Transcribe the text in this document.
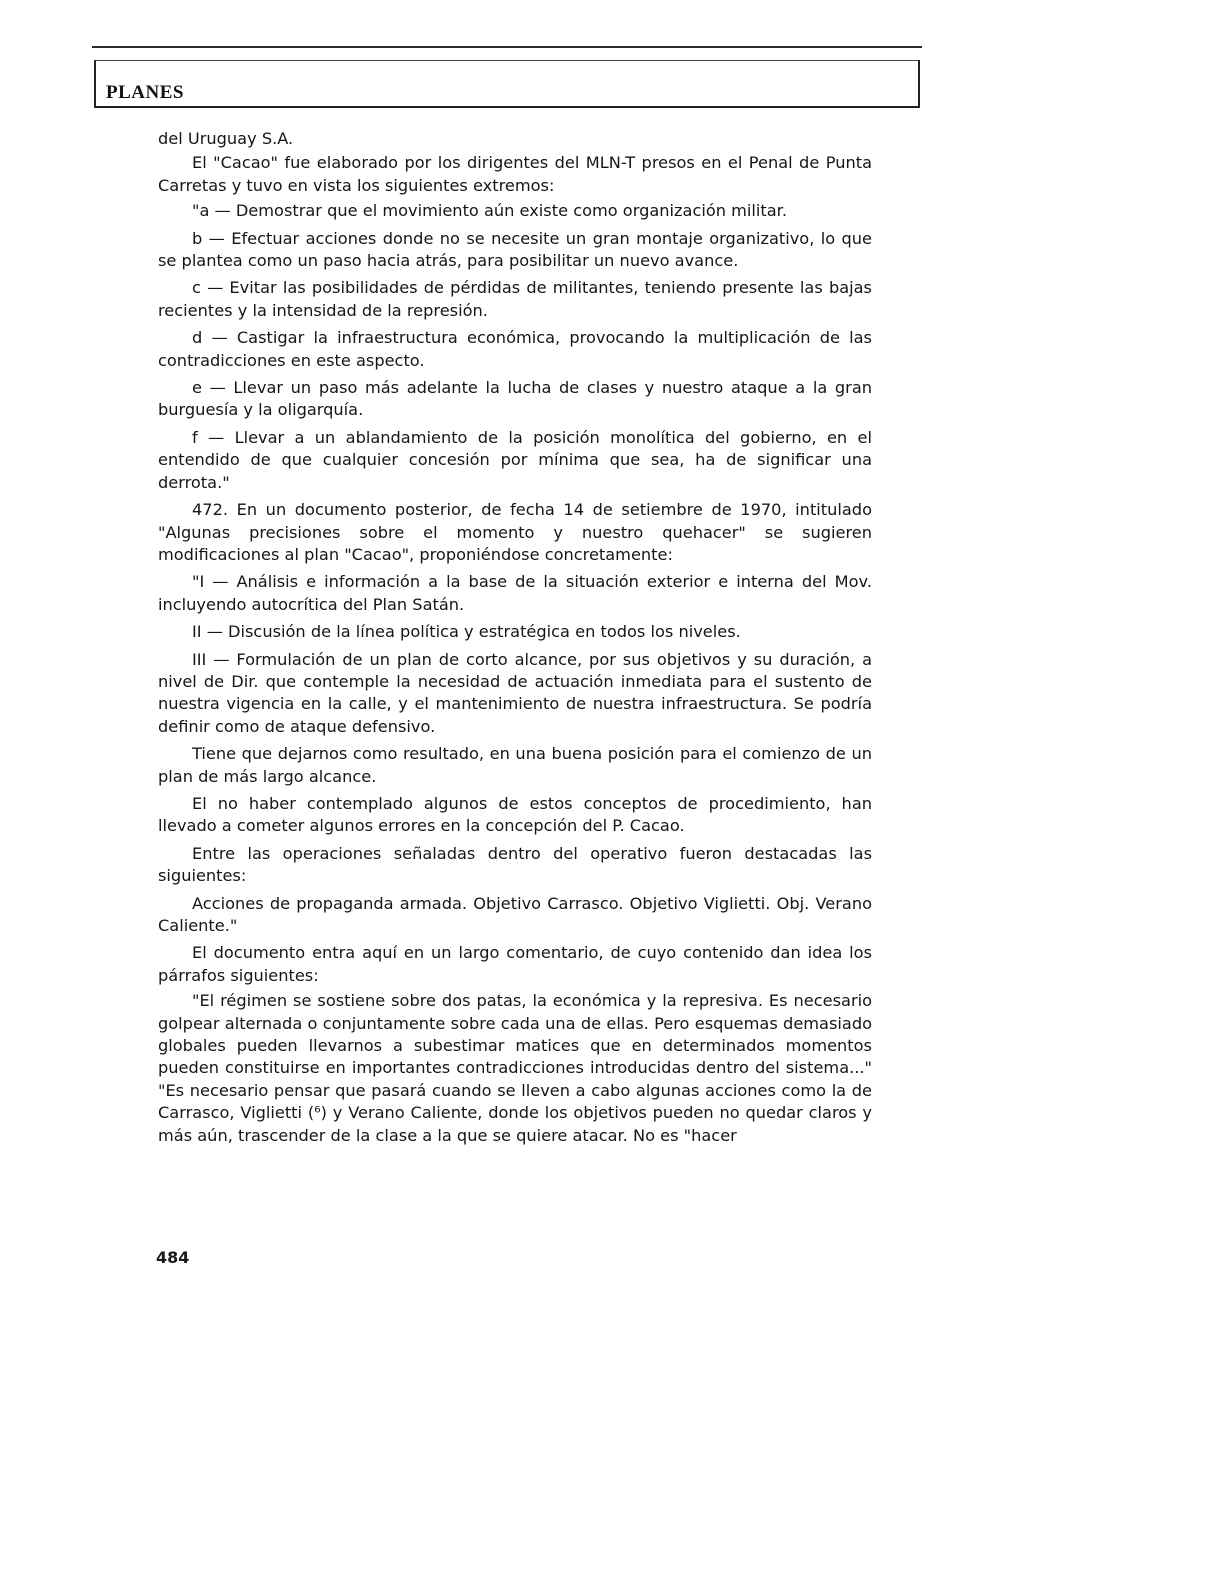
PLANES

del Uruguay S.A.

El "Cacao" fue elaborado por los dirigentes del MLN-T presos en el Penal de Punta Carretas y tuvo en vista los siguientes extremos:

"a — Demostrar que el movimiento aún existe como organización militar.

b — Efectuar acciones donde no se necesite un gran montaje organizativo, lo que se plantea como un paso hacia atrás, para posibilitar un nuevo avance.

c — Evitar las posibilidades de pérdidas de militantes, teniendo presente las bajas recientes y la intensidad de la represión.

d — Castigar la infraestructura económica, provocando la multiplicación de las contradicciones en este aspecto.

e — Llevar un paso más adelante la lucha de clases y nuestro ataque a la gran burguesía y la oligarquía.

f — Llevar a un ablandamiento de la posición monolítica del gobierno, en el entendido de que cualquier concesión por mínima que sea, ha de significar una derrota."

472. En un documento posterior, de fecha 14 de setiembre de 1970, intitulado "Algunas precisiones sobre el momento y nuestro quehacer" se sugieren modificaciones al plan "Cacao", proponiéndose concretamente:

"I — Análisis e información a la base de la situación exterior e interna del Mov. incluyendo autocrítica del Plan Satán.

II — Discusión de la línea política y estratégica en todos los niveles.

III — Formulación de un plan de corto alcance, por sus objetivos y su duración, a nivel de Dir. que contemple la necesidad de actuación inmediata para el sustento de nuestra vigencia en la calle, y el mantenimiento de nuestra infraestructura. Se podría definir como de ataque defensivo.

Tiene que dejarnos como resultado, en una buena posición para el comienzo de un plan de más largo alcance.

El no haber contemplado algunos de estos conceptos de procedimiento, han llevado a cometer algunos errores en la concepción del P. Cacao.

Entre las operaciones señaladas dentro del operativo fueron destacadas las siguientes:

Acciones de propaganda armada. Objetivo Carrasco. Objetivo Viglietti. Obj. Verano Caliente."

El documento entra aquí en un largo comentario, de cuyo contenido dan idea los párrafos siguientes:

"El régimen se sostiene sobre dos patas, la económica y la represiva. Es necesario golpear alternada o conjuntamente sobre cada una de ellas. Pero esquemas demasiado globales pueden llevarnos a subestimar matices que en determinados momentos pueden constituirse en importantes contradicciones introducidas dentro del sistema..." "Es necesario pensar que pasará cuando se lleven a cabo algunas acciones como la de Carrasco, Viglietti (⁶) y Verano Caliente, donde los objetivos pueden no quedar claros y más aún, trascender de la clase a la que se quiere atacar. No es "hacer

484
